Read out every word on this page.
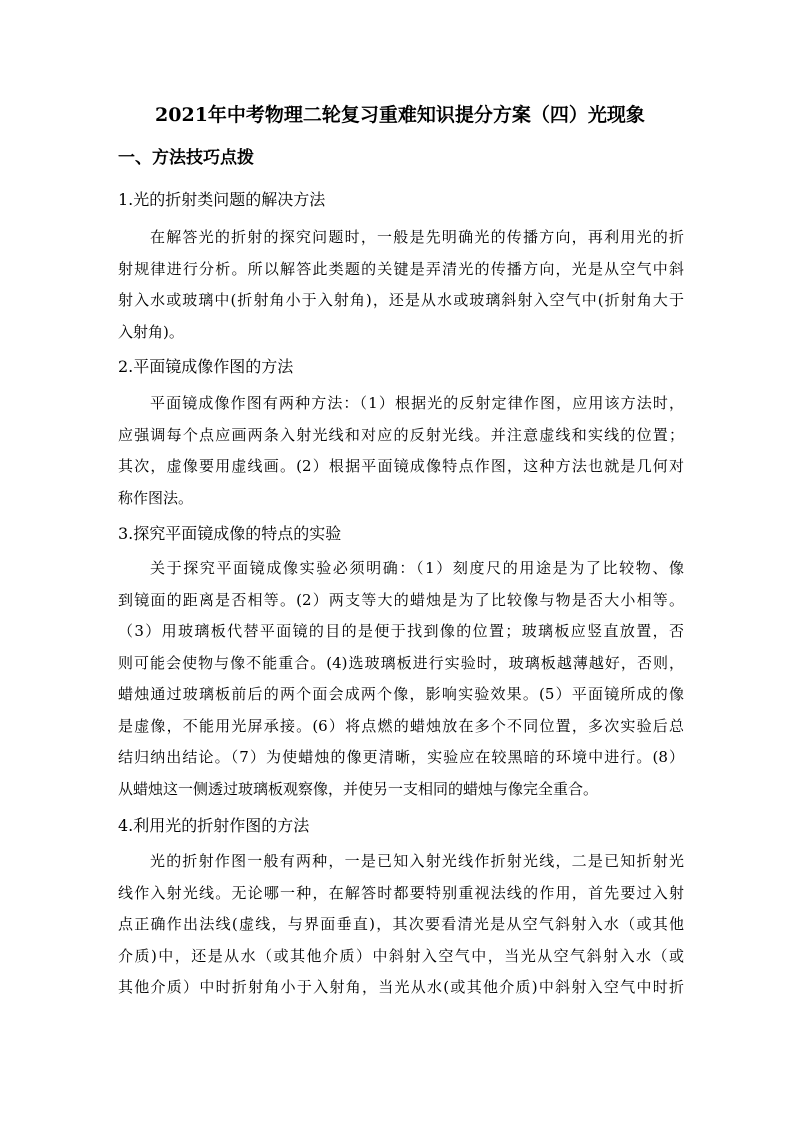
2021年中考物理二轮复习重难知识提分方案（四）光现象
一、方法技巧点拨
1.光的折射类问题的解决方法
在解答光的折射的探究问题时，一般是先明确光的传播方向，再利用光的折
射规律进行分析。所以解答此类题的关键是弄清光的传播方向，光是从空气中斜
射入水或玻璃中(折射角小于入射角)，还是从水或玻璃斜射入空气中(折射角大于
入射角)。
2.平面镜成像作图的方法
平面镜成像作图有两种方法：（1）根据光的反射定律作图，应用该方法时，
应强调每个点应画两条入射光线和对应的反射光线。并注意虚线和实线的位置；
其次，虚像要用虚线画。(2）根据平面镜成像特点作图，这种方法也就是几何对
称作图法。
3.探究平面镜成像的特点的实验
关于探究平面镜成像实验必须明确：（1）刻度尺的用途是为了比较物、像
到镜面的距离是否相等。(2）两支等大的蜡烛是为了比较像与物是否大小相等。
（3）用玻璃板代替平面镜的目的是便于找到像的位置；玻璃板应竖直放置，否
则可能会使物与像不能重合。(4)选玻璃板进行实验时，玻璃板越薄越好，否则，
蜡烛通过玻璃板前后的两个面会成两个像，影响实验效果。(5）平面镜所成的像
是虚像，不能用光屏承接。(6）将点燃的蜡烛放在多个不同位置，多次实验后总
结归纳出结论。（7）为使蜡烛的像更清晰，实验应在较黑暗的环境中进行。(8）
从蜡烛这一侧透过玻璃板观察像，并使另一支相同的蜡烛与像完全重合。
4.利用光的折射作图的方法
光的折射作图一般有两种，一是已知入射光线作折射光线，二是已知折射光
线作入射光线。无论哪一种，在解答时都要特别重视法线的作用，首先要过入射
点正确作出法线(虚线，与界面垂直)，其次要看清光是从空气斜射入水（或其他
介质)中，还是从水（或其他介质）中斜射入空气中，当光从空气斜射入水（或
其他介质）中时折射角小于入射角，当光从水(或其他介质)中斜射入空气中时折
